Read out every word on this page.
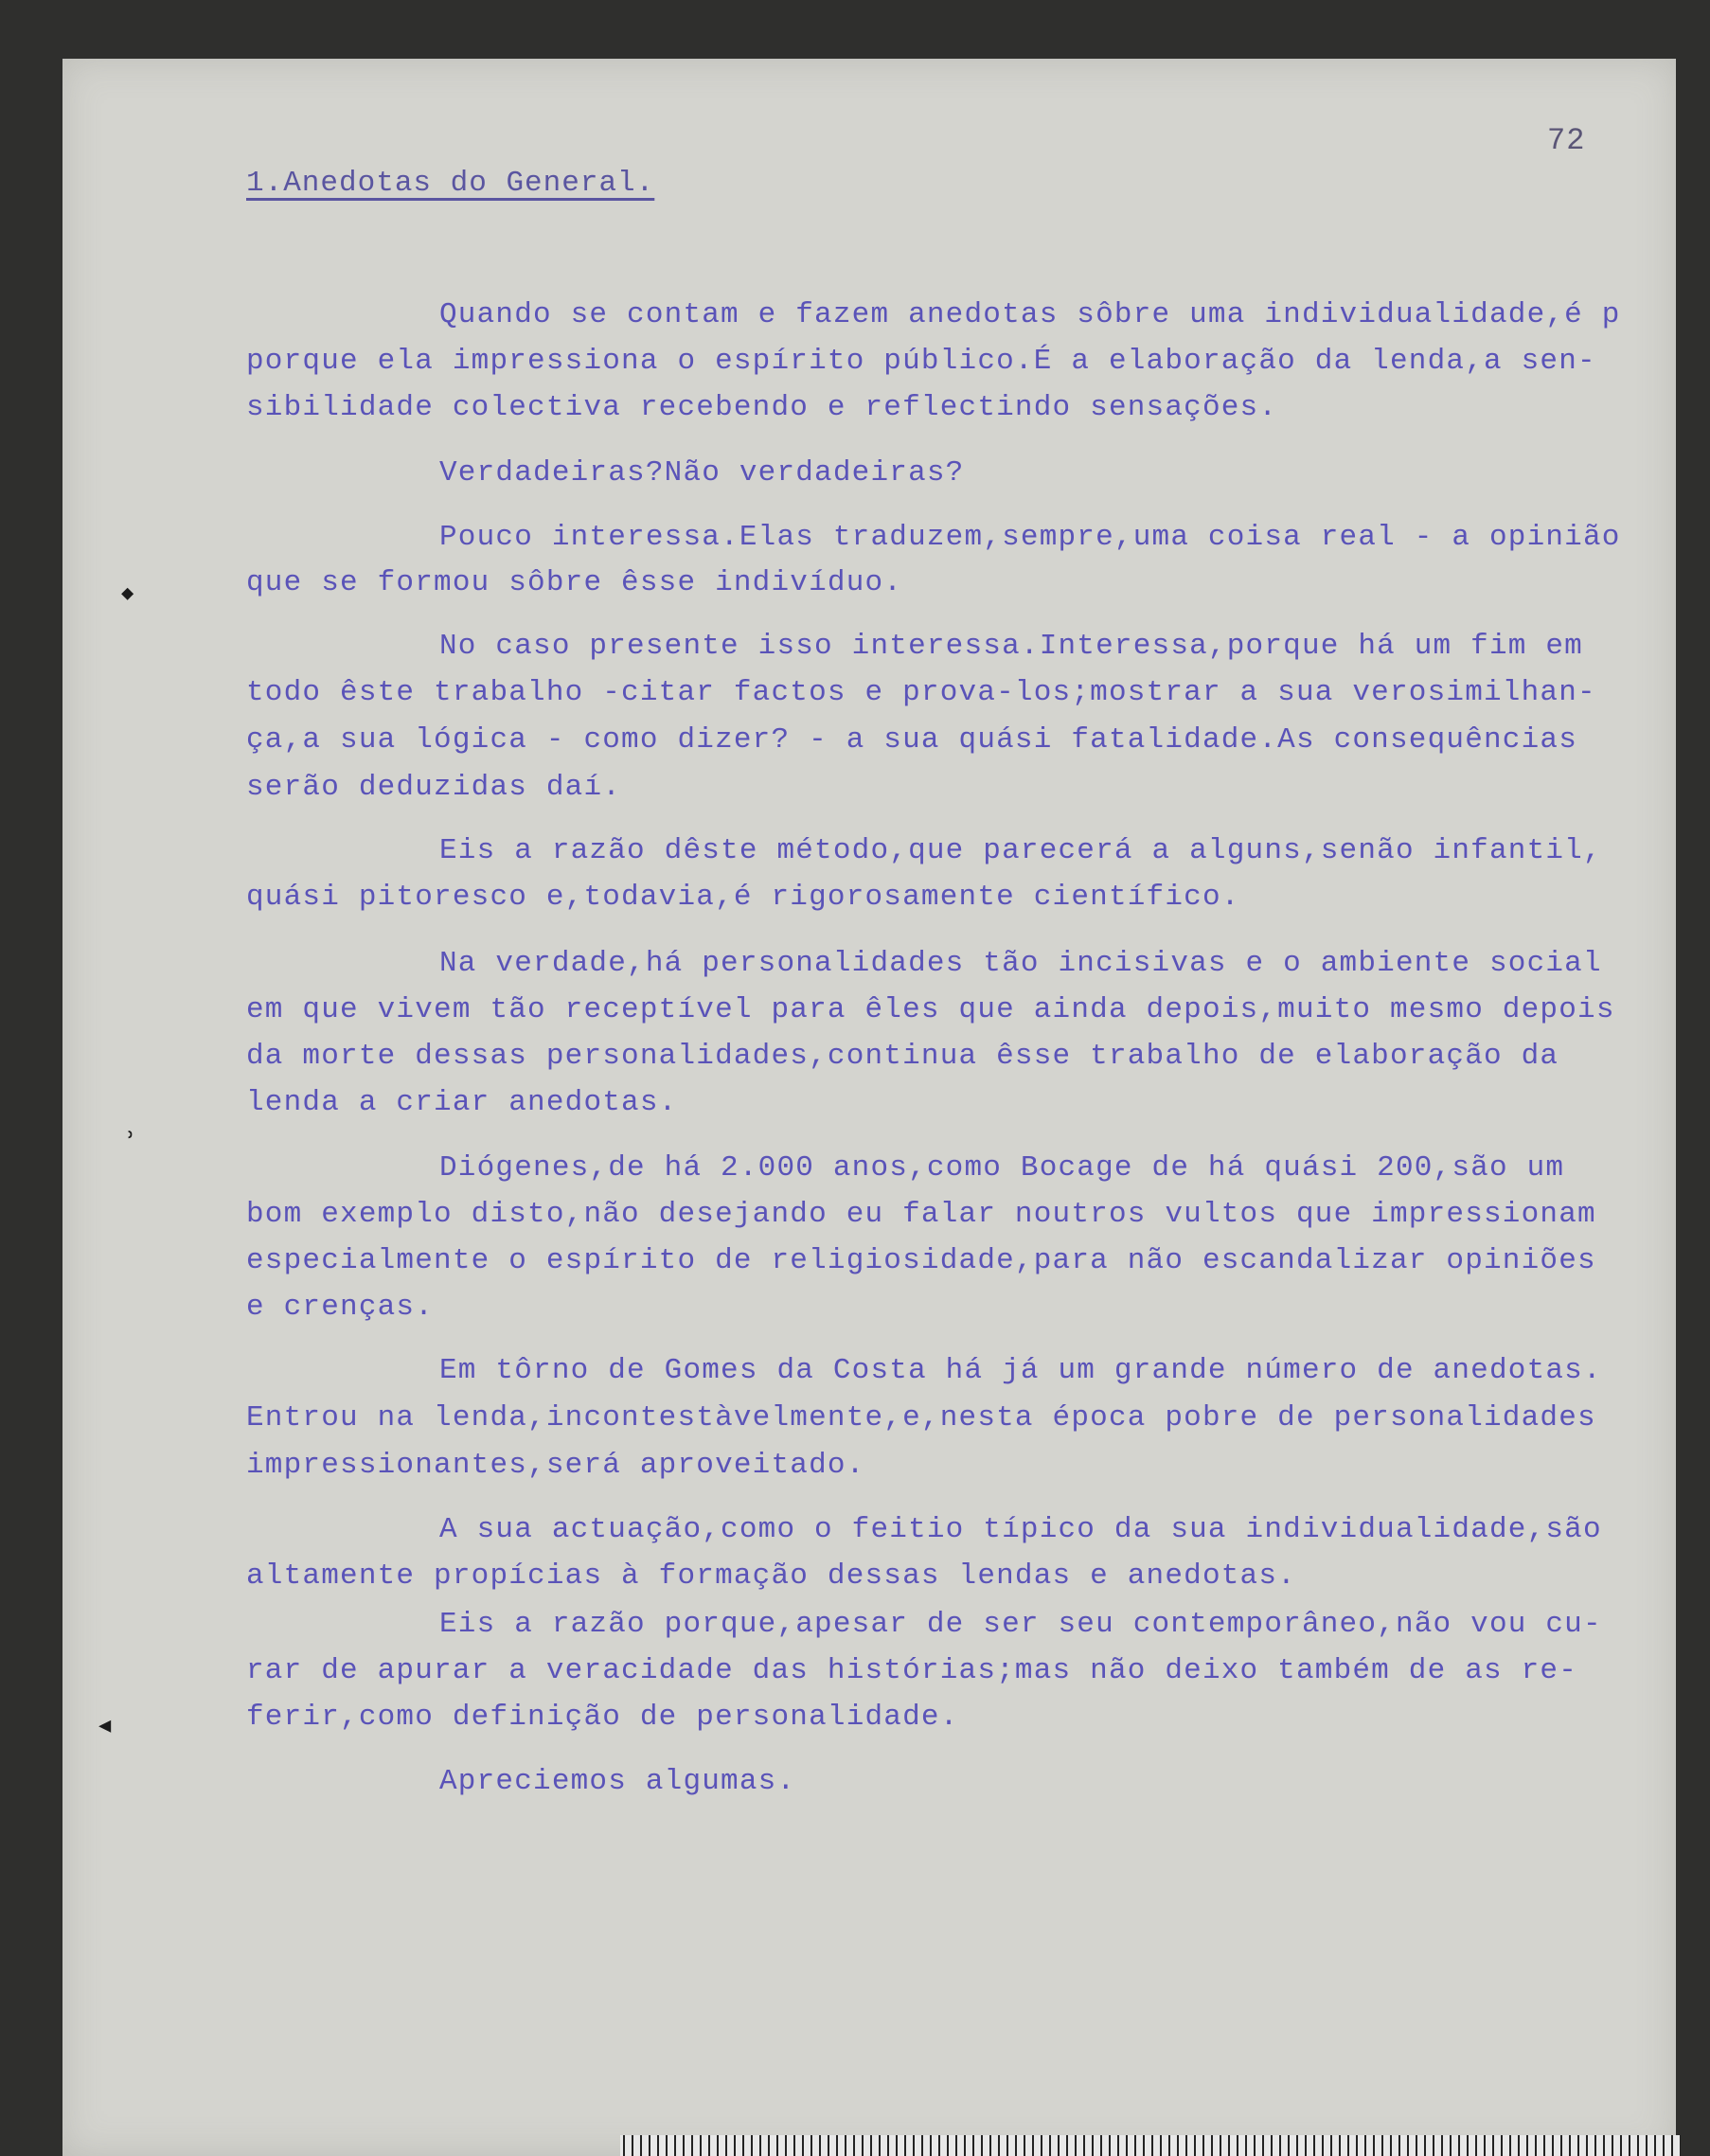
72
1.Anedotas do General.
Quando se contam e fazem anedotas sôbre uma individualidade,é p
porque ela impressiona o espírito público.É a elaboração da lenda,a sen-
sibilidade colectiva recebendo e reflectindo sensações.
Verdadeiras?Não verdadeiras?
Pouco interessa.Elas traduzem,sempre,uma coisa real - a opinião
que se formou sôbre êsse indivíduo.
No caso presente isso interessa.Interessa,porque há um fim em
todo êste trabalho -citar factos e prova-los;mostrar a sua verosimilhan-
ça,a sua lógica - como dizer? - a sua quási fatalidade.As consequências
serão deduzidas daí.
Eis a razão dêste método,que parecerá a alguns,senão infantil,
quási pitoresco e,todavia,é rigorosamente científico.
Na verdade,há personalidades tão incisivas e o ambiente social
em que vivem tão receptível para êles que ainda depois,muito mesmo depois
da morte dessas personalidades,continua êsse trabalho de elaboração da
lenda a criar anedotas.
Diógenes,de há 2.000 anos,como Bocage de há quási 200,são um
bom exemplo disto,não desejando eu falar noutros vultos que impressionam
especialmente o espírito de religiosidade,para não escandalizar opiniões
e crenças.
Em tôrno de Gomes da Costa há já um grande número de anedotas.
Entrou na lenda,incontestàvelmente,e,nesta época pobre de personalidades
impressionantes,será aproveitado.
A sua actuação,como o feitio típico da sua individualidade,são
altamente propícias à formação dessas lendas e anedotas.
Eis a razão porque,apesar de ser seu contemporâneo,não vou cu-
rar de apurar a veracidade das histórias;mas não deixo também de as re-
ferir,como definição de personalidade.
Apreciemos algumas.
◆
᠈
◀
